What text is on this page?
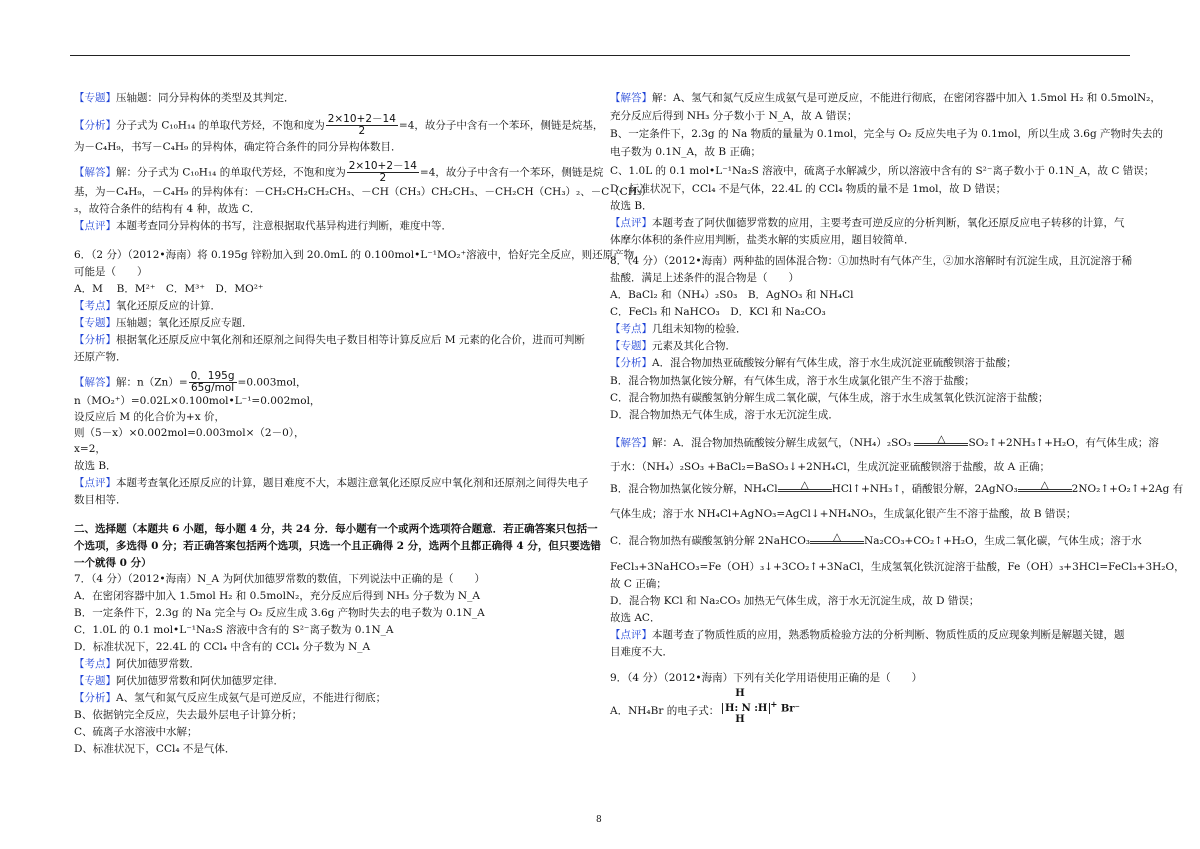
【专题】压轴题：同分异构体的类型及其判定．
【分析】分子式为 C₁₀H₁₄ 的单取代芳烃，不饱和度为 $\frac{2\times 10+2-14}{2} =4$，故分子中含有一个苯环，侧链是烷基，
为－C₄H₉，书写－C₄H₉ 的异构体，确定符合条件的同分异构体数目．
【解答】解：分子式为 C₁₀H₁₄ 的单取代芳烃，不饱和度为 $\frac{2\times 10+2-14}{2} =4$，故分子中含有一个苯环，侧链是烷
基，为－C₄H₉，－C₄H₉ 的异构体有：－CH₂CH₂CH₂CH₃、－CH（CH₃）CH₂CH₃、－CH₂CH（CH₃）₂、－C（CH₃）
₃，故符合条件的结构有 4 种，故选 C．
【点评】本题考查同分异构体的书写，注意根据取代基异构进行判断，难度中等．
6．（2 分）（2012•海南）将 0.195g 锌粉加入到 20.0mL 的 0.100mol•L⁻¹MO₂⁺溶液中，恰好完全反应，则还原产物
可能是（　　）
A．M　 B．M²⁺　C．M³⁺　D．MO²⁺
【考点】氧化还原反应的计算．
【专题】压轴题；氧化还原反应专题．
【分析】根据氧化还原反应中氧化剂和还原剂之间得失电子数目相等计算反应后 M 元素的化合价，进而可判断
还原产物．
【解答】解：$n(Zn)= \frac{0.195g}{\text{65g/mol}} =0.003mol$，
n（MO₂⁺）=0.02L×0.100mol•L⁻¹=0.002mol，
设反应后 M 的化合价为+x 价，
则（5－x）×0.002mol=0.003mol×（2－0），
x=2，
故选 B．
【点评】本题考查氧化还原反应的计算，题目难度不大，本题注意氧化还原反应中氧化剂和还原剂之间得失电子
数目相等．
二、选择题（本题共 6 小题，每小题 4 分，共 24 分．每小题有一个或两个选项符合题意．若正确答案只包括一
个选项，多选得 0 分；若正确答案包括两个选项，只选一个且正确得 2 分，选两个且都正确得 4 分，但只要选错
一个就得 0 分）
7．（4 分）（2012•海南）N_A 为阿伏加德罗常数的数值，下列说法中正确的是（　　）
A．在密闭容器中加入 1.5mol H₂ 和 0.5molN₂，充分反应后得到 NH₃ 分子数为 N_A
B．一定条件下，2.3g 的 Na 完全与 O₂ 反应生成 3.6g 产物时失去的电子数为 0.1N_A
C．1.0L 的 0.1 mol•L⁻¹Na₂S 溶液中含有的 S²⁻离子数为 0.1N_A
D．标准状况下，22.4L 的 CCl₄ 中含有的 CCl₄ 分子数为 N_A
【考点】阿伏加德罗常数．
【专题】阿伏加德罗常数和阿伏加德罗定律．
【分析】A、氢气和氮气反应生成氨气是可逆反应，不能进行彻底；
B、依据钠完全反应，失去最外层电子计算分析；
C、硫离子水溶液中水解；
D、标准状况下，CCl₄ 不是气体．
【解答】解：A、氢气和氮气反应生成氨气是可逆反应，不能进行彻底，在密闭容器中加入 1.5mol H₂ 和 0.5molN₂，
充分反应后得到 NH₃ 分子数小于 N_A，故 A 错误；
B、一定条件下，2.3g 的 Na 物质的量量为 0.1mol，完全与 O₂ 反应失电子为 0.1mol，所以生成 3.6g 产物时失去的
电子数为 0.1N_A，故 B 正确；
C、1.0L 的 0.1 mol•L⁻¹Na₂S 溶液中，硫离子水解减少，所以溶液中含有的 S²⁻离子数小于 0.1N_A，故 C 错误；
D、标准状况下，CCl₄ 不是气体，22.4L 的 CCl₄ 物质的量不是 1mol，故 D 错误；
故选 B．
【点评】本题考查了阿伏伽德罗常数的应用，主要考查可逆反应的分析判断，氧化还原反应电子转移的计算，气
体摩尔体积的条件应用判断，盐类水解的实质应用，题目较简单．
8．（4 分）（2012•海南）两种盐的固体混合物：①加热时有气体产生，②加水溶解时有沉淀生成，且沉淀溶于稀
盐酸．满足上述条件的混合物是（　　）
A．BaCl₂ 和（NH₄）₂S0₃　B．AgNO₃ 和 NH₄Cl
C．FeCl₃ 和 NaHCO₃　D．KCl 和 Na₂CO₃
【考点】几组未知物的检验．
【专题】元素及其化合物．
【分析】A．混合物加热亚硫酸铵分解有气体生成，溶于水生成沉淀亚硫酸钡溶于盐酸；
B．混合物加热氯化铵分解，有气体生成，溶于水生成氯化银产生不溶于盐酸；
C．混合物加热有碳酸氢钠分解生成二氧化碳，气体生成，溶于水生成氢氧化铁沉淀溶于盐酸；
D．混合物加热无气体生成，溶于水无沉淀生成．
【解答】解：A．混合物加热硫酸铵分解生成氨气，（NH₄）₂SO₃	△	SO₂↑+2NH₃↑+H₂O，有气体生成；溶
于水：（NH₄）₂SO₃ +BaCl₂=BaSO₃↓+2NH₄Cl，生成沉淀亚硫酸钡溶于盐酸，故 A 正确；
B．混合物加热氯化铵分解，NH₄Cl	△	HCl↑+NH₃↑，硝酸银分解，2AgNO₃	△	2NO₂↑+O₂↑+2Ag 有
气体生成；溶于水 NH₄Cl+AgNO₃=AgCl↓+NH₄NO₃，生成氯化银产生不溶于盐酸，故 B 错误；
C．混合物加热有碳酸氢钠分解 2NaHCO₃	△	Na₂CO₃+CO₂↑+H₂O，生成二氧化碳，气体生成；溶于水
FeCl₃+3NaHCO₃=Fe（OH）₃↓+3CO₂↑+3NaCl，生成氢氧化铁沉淀溶于盐酸，Fe（OH）₃+3HCl=FeCl₃+3H₂O，
故 C 正确；
D．混合物 KCl 和 Na₂CO₃ 加热无气体生成，溶于水无沉淀生成，故 D 错误；
故选 AC．
【点评】本题考查了物质性质的应用，熟悉物质检验方法的分析判断、物质性质的反应现象判断是解题关键，题
目难度不大．
9．（4 分）（2012•海南）下列有关化学用语使用正确的是（　　）
A．NH₄Br 的电子式：
H
H: N :H + Br⁻
H
8
